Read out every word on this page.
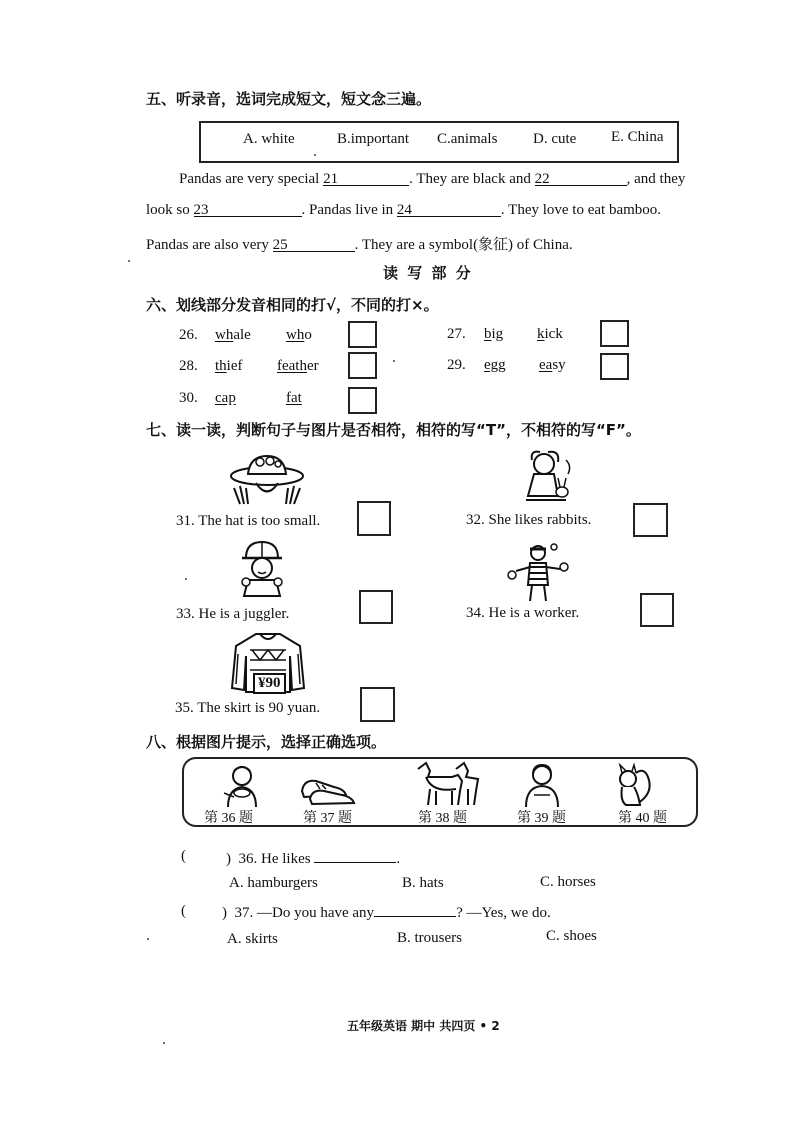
五、听录音，选词完成短文，短文念三遍。
A. white	B.important C.animals D. cute E. China
Pandas are very special 21	. They are black and 22	, and they
look so 23	. Pandas live in 24	. They love to eat bamboo.
Pandas are also very 25	. They are a symbol(象征) of China.
读 写 部 分
六、划线部分发音相同的打√，不同的打×。
26. whale who	27. big kick
28. thief feather	29. egg easy
30. cap	fat
七、读一读，判断句子与图片是否相符，相符的写“T”，不相符的写“F”。
31. The hat is too small.	32. She likes rabbits.
33. He is a juggler.	34. He is a worker.
¥90
35. The skirt is 90 yuan.
八、根据图片提示，选择正确选项。
第 36 题	第 37 题	第 38 题	第 39 题	第 40 题
(	) 36. He likes	.
A. hamburgers	B. hats	C. horses
( ) 37. —Do you have any	? —Yes, we do.
A. skirts	B. trousers	C. shoes
五年级英语 期中 共四页 • 2
